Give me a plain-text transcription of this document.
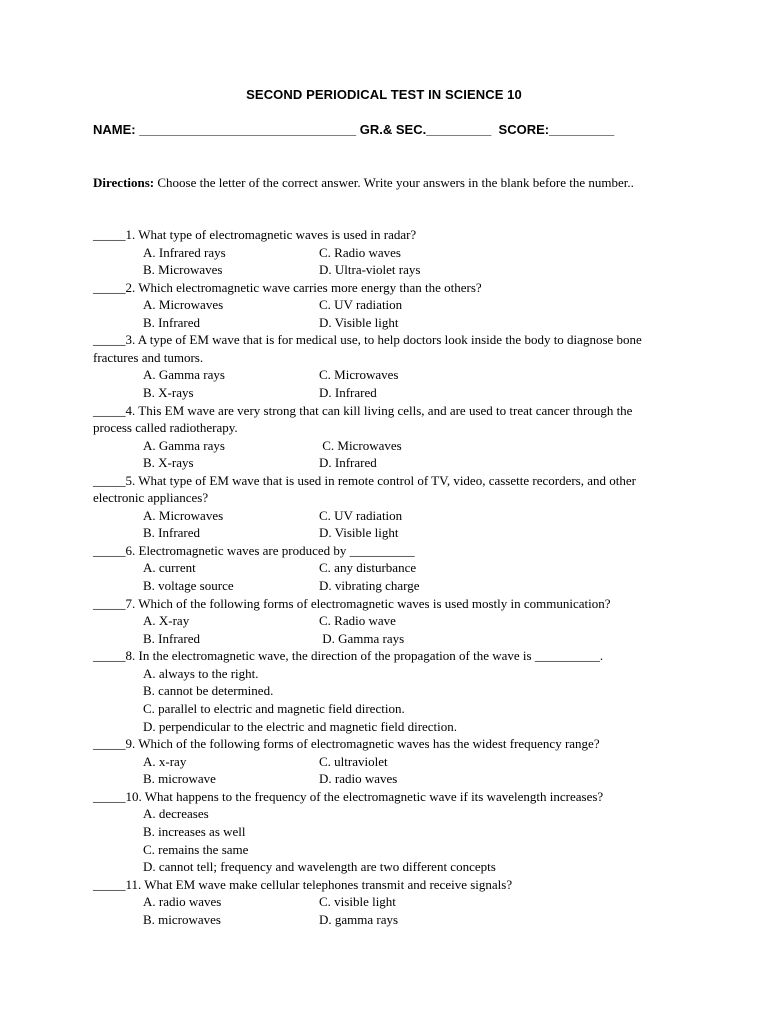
SECOND PERIODICAL TEST IN SCIENCE 10
NAME: ______________________________ GR.& SEC._________ SCORE:_________
Directions: Choose the letter of the correct answer. Write your answers in the blank before the number..
_____1. What type of electromagnetic waves is used in radar?
A. Infrared rays	C. Radio waves
B. Microwaves	D. Ultra-violet rays
_____2. Which electromagnetic wave carries more energy than the others?
A. Microwaves	C. UV radiation
B. Infrared	D. Visible light
_____3. A type of EM wave that is for medical use, to help doctors look inside the body to diagnose bone fractures and tumors.
A. Gamma rays	C. Microwaves
B. X-rays	D. Infrared
_____4. This EM wave are very strong that can kill living cells, and are used to treat cancer through the process called radiotherapy.
A. Gamma rays	C. Microwaves
B. X-rays	D. Infrared
_____5. What type of EM wave that is used in remote control of TV, video, cassette recorders, and other electronic appliances?
A. Microwaves	C. UV radiation
B. Infrared	D. Visible light
_____6. Electromagnetic waves are produced by __________
A. current	C. any disturbance
B. voltage source	D. vibrating charge
_____7. Which of the following forms of electromagnetic waves is used mostly in communication?
A. X-ray	C. Radio wave
B. Infrared	D. Gamma rays
_____8. In the electromagnetic wave, the direction of the propagation of the wave is __________.
A. always to the right.
B. cannot be determined.
C. parallel to electric and magnetic field direction.
D. perpendicular to the electric and magnetic field direction.
_____9. Which of the following forms of electromagnetic waves has the widest frequency range?
A. x-ray	C. ultraviolet
B. microwave	D. radio waves
_____10. What happens to the frequency of the electromagnetic wave if its wavelength increases?
A. decreases
B. increases as well
C. remains the same
D. cannot tell; frequency and wavelength are two different concepts
_____11. What EM wave make cellular telephones transmit and receive signals?
A. radio waves	C. visible light
B. microwaves	D. gamma rays
